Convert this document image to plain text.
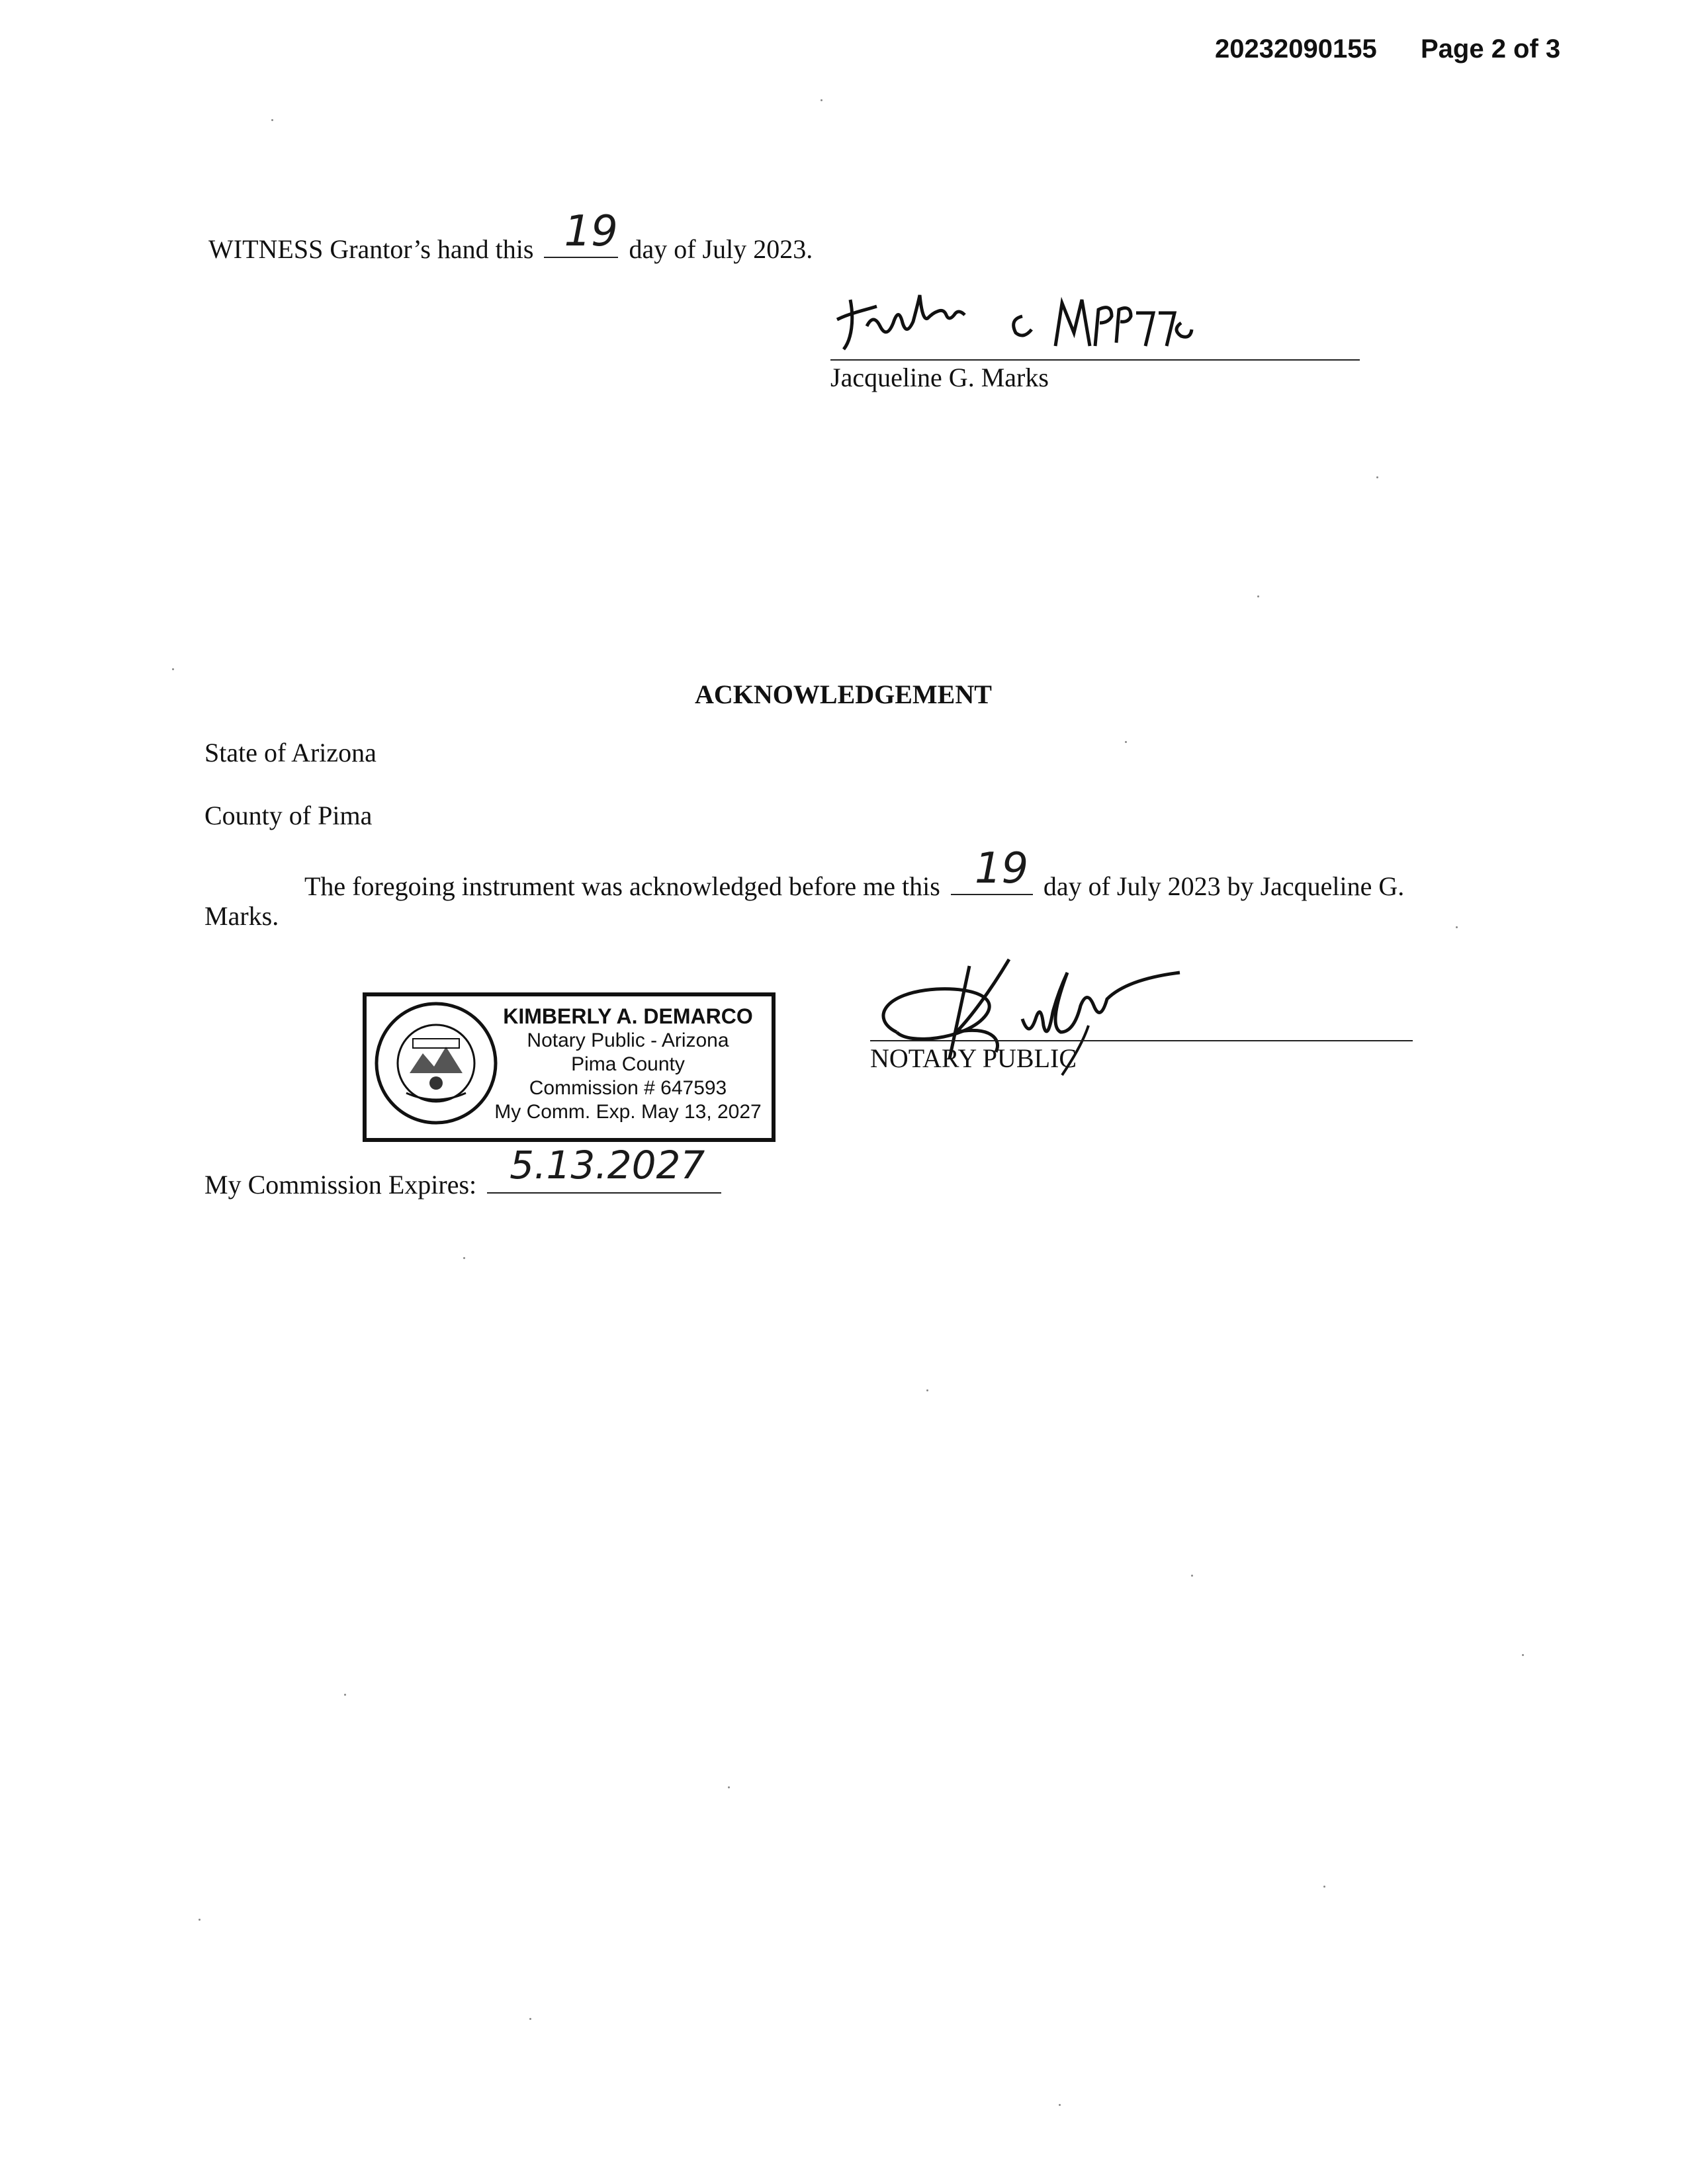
20232090155 Page 2 of 3
WITNESS Grantor’s hand this 19 day of July 2023.
Jacqueline G. Marks
ACKNOWLEDGEMENT
State of Arizona
County of Pima
The foregoing instrument was acknowledged before me this 19 day of July 2023 by Jacqueline G.
Marks.
KIMBERLY A. DEMARCO
Notary Public - Arizona
Pima County
Commission # 647593
My Comm. Exp. May 13, 2027
NOTARY PUBLIC
My Commission Expires: 5.13.2027
